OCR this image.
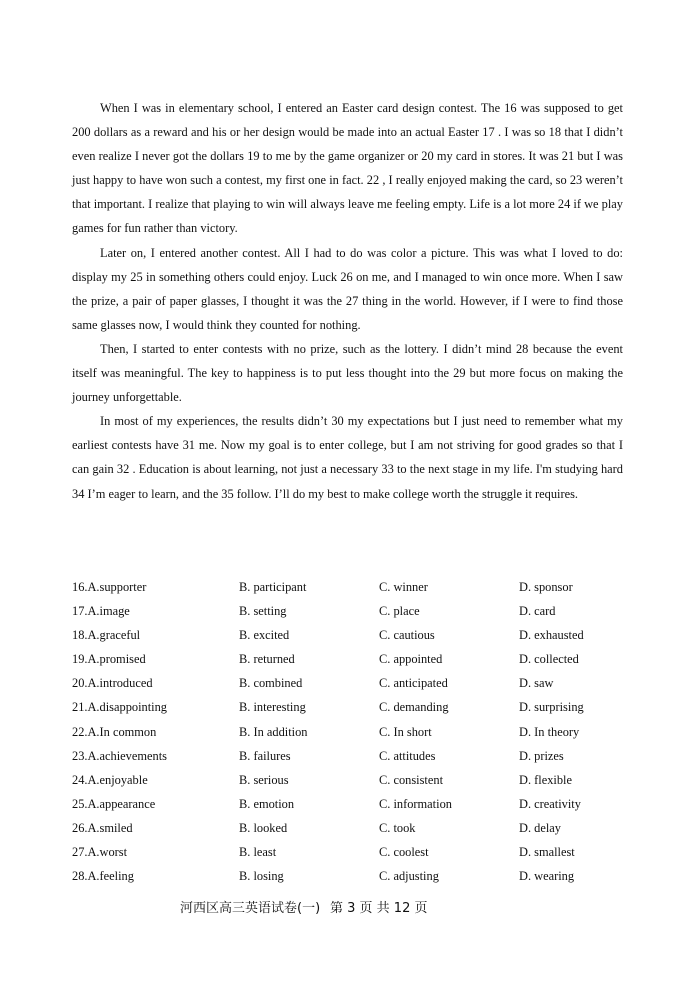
When I was in elementary school, I entered an Easter card design contest. The 16 was supposed to get 200 dollars as a reward and his or her design would be made into an actual Easter 17 . I was so 18 that I didn’t even realize I never got the dollars 19 to me by the game organizer or 20 my card in stores. It was 21 but I was just happy to have won such a contest, my first one in fact. 22 , I really enjoyed making the card, so 23 weren’t that important. I realize that playing to win will always leave me feeling empty. Life is a lot more 24 if we play games for fun rather than victory.

Later on, I entered another contest. All I had to do was color a picture. This was what I loved to do: display my 25 in something others could enjoy. Luck 26 on me, and I managed to win once more. When I saw the prize, a pair of paper glasses, I thought it was the 27 thing in the world. However, if I were to find those same glasses now, I would think they counted for nothing.

Then, I started to enter contests with no prize, such as the lottery. I didn’t mind 28 because the event itself was meaningful. The key to happiness is to put less thought into the 29 but more focus on making the journey unforgettable.

In most of my experiences, the results didn’t 30 my expectations but I just need to remember what my earliest contests have 31 me. Now my goal is to enter college, but I am not striving for good grades so that I can gain 32 . Education is about learning, not just a necessary 33 to the next stage in my life. I'm studying hard 34 I’m eager to learn, and the 35 follow. I’ll do my best to make college worth the struggle it requires.

16.A.supporter	B. participant	C. winner	D. sponsor
17.A.image	B. setting	C. place	D. card
18.A.graceful	B. excited	C. cautious	D. exhausted
19.A.promised	B. returned	C. appointed	D. collected
20.A.introduced	B. combined	C. anticipated	D. saw
21.A.disappointing	B. interesting	C. demanding	D. surprising
22.A.In common	B. In addition	C. In short	D. In theory
23.A.achievements	B. failures	C. attitudes	D. prizes
24.A.enjoyable	B. serious	C. consistent	D. flexible
25.A.appearance	B. emotion	C. information	D. creativity
26.A.smiled	B. looked	C. took	D. delay
27.A.worst	B. least	C. coolest	D. smallest
28.A.feeling	B. losing	C. adjusting	D. wearing
河西区高三英语试卷(一) 第 3 页 共 12 页
